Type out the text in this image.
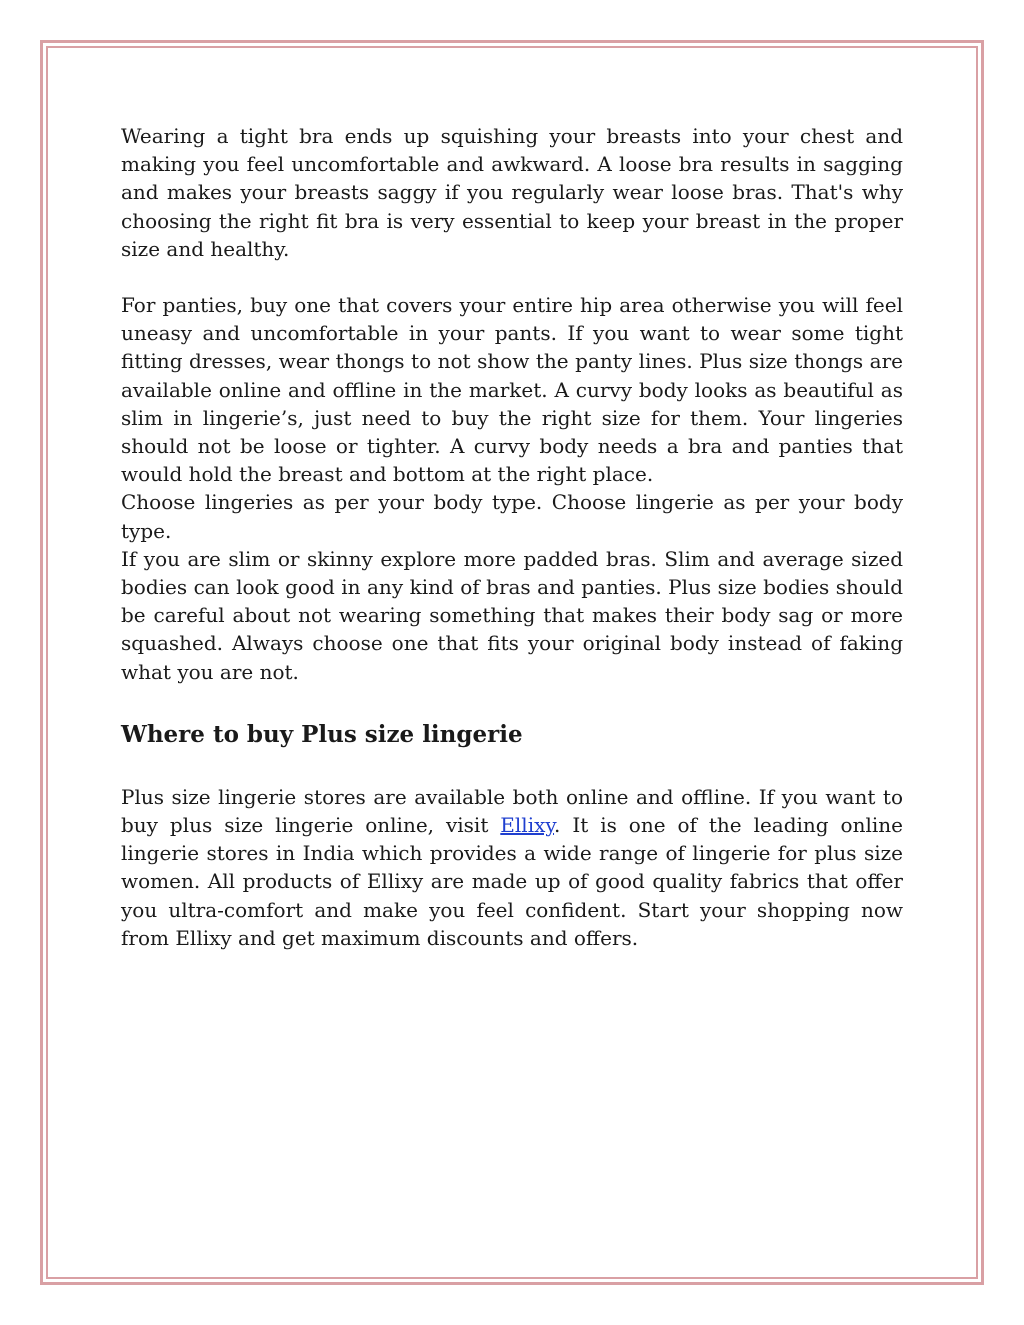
Wearing a tight bra ends up squishing your breasts into your chest and making you feel uncomfortable and awkward. A loose bra results in sagging and makes your breasts saggy if you regularly wear loose bras. That's why choosing the right fit bra is very essential to keep your breast in the proper size and healthy.

For panties, buy one that covers your entire hip area otherwise you will feel uneasy and uncomfortable in your pants. If you want to wear some tight fitting dresses, wear thongs to not show the panty lines. Plus size thongs are available online and offline in the market. A curvy body looks as beautiful as slim in lingerie’s, just need to buy the right size for them. Your lingeries should not be loose or tighter. A curvy body needs a bra and panties that would hold the breast and bottom at the right place.

Choose lingeries as per your body type. Choose lingerie as per your body type.

If you are slim or skinny explore more padded bras. Slim and average sized bodies can look good in any kind of bras and panties. Plus size bodies should be careful about not wearing something that makes their body sag or more squashed. Always choose one that fits your original body instead of faking what you are not.

Where to buy Plus size lingerie

Plus size lingerie stores are available both online and offline. If you want to buy plus size lingerie online, visit Ellixy. It is one of the leading online lingerie stores in India which provides a wide range of lingerie for plus size women. All products of Ellixy are made up of good quality fabrics that offer you ultra-comfort and make you feel confident. Start your shopping now from Ellixy and get maximum discounts and offers.
